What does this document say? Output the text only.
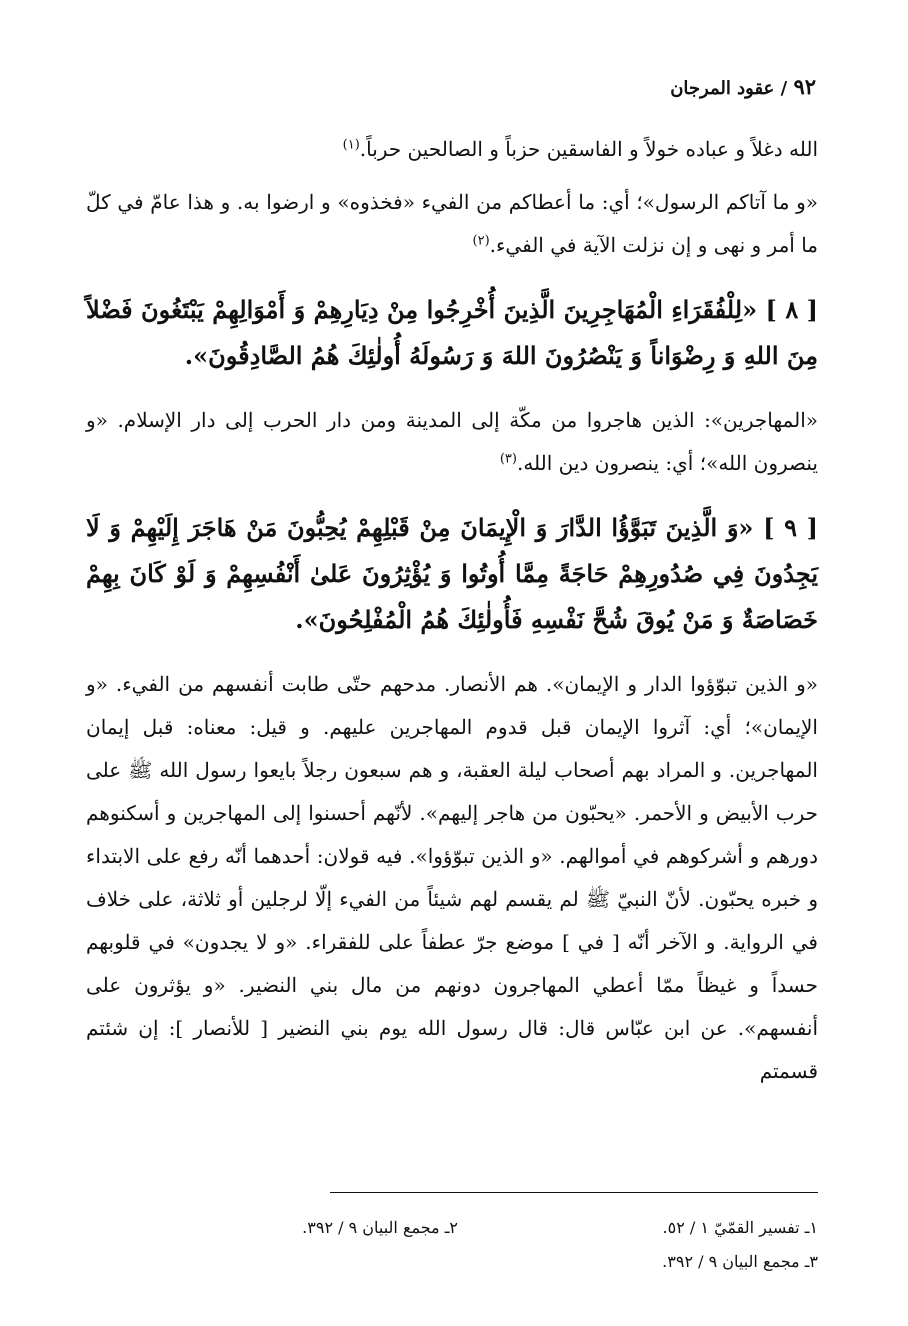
۹۲ / عقود المرجان

الله دغلاً و عباده خولاً و الفاسقين حزباً و الصالحين حرباً.$^{(١)}$

«و ما آتاكم الرسول»؛ أي: ما أعطاكم من الفيء «فخذوه» و ارضوا به. و هذا عامّ في كلّ ما أمر و نهى و إن نزلت الآية في الفيء.$^{(٢)}$

[ ٨ ] «لِلْفُقَرَاءِ الْمُهَاجِرِينَ الَّذِينَ أُخْرِجُوا مِنْ دِيَارِهِمْ وَ أَمْوَالِهِمْ يَبْتَغُونَ فَضْلاً مِنَ اللهِ وَ رِضْوَاناً وَ يَنْصُرُونَ اللهَ وَ رَسُولَهُ أُولٰئِكَ هُمُ الصَّادِقُونَ».

«المهاجرين»: الذين هاجروا من مكّة إلى المدينة ومن دار الحرب إلى دار الإسلام. «و ينصرون الله»؛ أي: ينصرون دين الله.$^{(٣)}$

[ ٩ ] «وَ الَّذِينَ تَبَوَّؤُا الدَّارَ وَ الْإِيمَانَ مِنْ قَبْلِهِمْ يُحِبُّونَ مَنْ هَاجَرَ إِلَيْهِمْ وَ لَا يَجِدُونَ فِي صُدُورِهِمْ حَاجَةً مِمَّا أُوتُوا وَ يُؤْثِرُونَ عَلىٰ أَنْفُسِهِمْ وَ لَوْ كَانَ بِهِمْ خَصَاصَةٌ وَ مَنْ يُوقَ شُحَّ نَفْسِهِ فَأُولٰئِكَ هُمُ الْمُفْلِحُونَ».

«و الذين تبوّؤوا الدار و الإيمان». هم الأنصار. مدحهم حتّى طابت أنفسهم من الفيء. «و الإيمان»؛ أي: آثروا الإيمان قبل قدوم المهاجرين عليهم. و قيل: معناه: قبل إيمان المهاجرين. و المراد بهم أصحاب ليلة العقبة، و هم سبعون رجلاً بايعوا رسول الله ﷺ على حرب الأبيض و الأحمر. «يحبّون من هاجر إليهم». لأنّهم أحسنوا إلى المهاجرين و أسكنوهم دورهم و أشركوهم في أموالهم. «و الذين تبوّؤوا». فيه قولان: أحدهما أنّه رفع على الابتداء و خبره يحبّون. لأنّ النبيّ ﷺ لم يقسم لهم شيئاً من الفيء إلّا لرجلين أو ثلاثة، على خلاف في الرواية. و الآخر أنّه [ في ] موضع جرّ عطفاً على للفقراء. «و لا يجدون» في قلوبهم حسداً و غيظاً ممّا أعطي المهاجرون دونهم من مال بني النضير. «و يؤثرون على أنفسهم». عن ابن عبّاس قال: قال رسول الله يوم بني النضير [ للأنصار ]: إن شئتم قسمتم

١ـ تفسير القمّيّ ١ / ٥٢.
٢ـ مجمع البيان ٩ / ٣٩٢.
٣ـ مجمع البيان ٩ / ٣٩٢.
